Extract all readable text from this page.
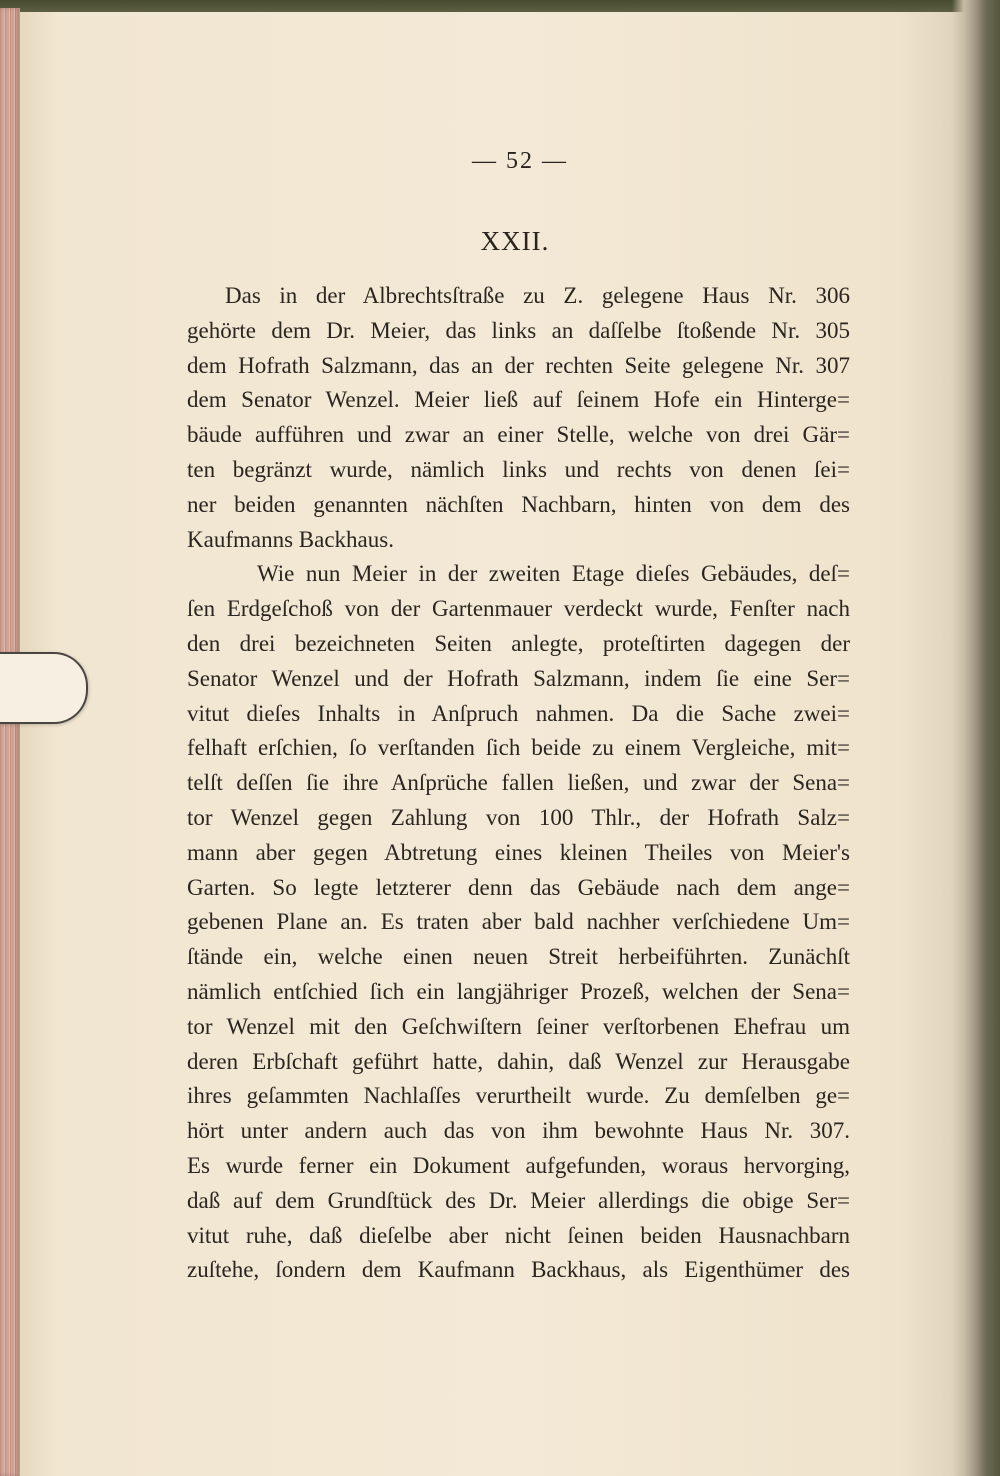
— 52 —
XXII.
Das in der Albrechtsſtraße zu Z. gelegene Haus Nr. 306
gehörte dem Dr. Meier, das links an daſſelbe ſtoßende Nr. 305
dem Hofrath Salzmann, das an der rechten Seite gelegene Nr. 307
dem Senator Wenzel. Meier ließ auf ſeinem Hofe ein Hinterge=
bäude aufführen und zwar an einer Stelle, welche von drei Gär=
ten begränzt wurde, nämlich links und rechts von denen ſei=
ner beiden genannten nächſten Nachbarn, hinten von dem des
Kaufmanns Backhaus.
Wie nun Meier in der zweiten Etage dieſes Gebäudes, deſ=
ſen Erdgeſchoß von der Gartenmauer verdeckt wurde, Fenſter nach
den drei bezeichneten Seiten anlegte, proteſtirten dagegen der
Senator Wenzel und der Hofrath Salzmann, indem ſie eine Ser=
vitut dieſes Inhalts in Anſpruch nahmen. Da die Sache zwei=
felhaft erſchien, ſo verſtanden ſich beide zu einem Vergleiche, mit=
telſt deſſen ſie ihre Anſprüche fallen ließen, und zwar der Sena=
tor Wenzel gegen Zahlung von 100 Thlr., der Hofrath Salz=
mann aber gegen Abtretung eines kleinen Theiles von Meier's
Garten. So legte letzterer denn das Gebäude nach dem ange=
gebenen Plane an. Es traten aber bald nachher verſchiedene Um=
ſtände ein, welche einen neuen Streit herbeiführten. Zunächſt
nämlich entſchied ſich ein langjähriger Prozeß, welchen der Sena=
tor Wenzel mit den Geſchwiſtern ſeiner verſtorbenen Ehefrau um
deren Erbſchaft geführt hatte, dahin, daß Wenzel zur Herausgabe
ihres geſammten Nachlaſſes verurtheilt wurde. Zu demſelben ge=
hört unter andern auch das von ihm bewohnte Haus Nr. 307.
Es wurde ferner ein Dokument aufgefunden, woraus hervorging,
daß auf dem Grundſtück des Dr. Meier allerdings die obige Ser=
vitut ruhe, daß dieſelbe aber nicht ſeinen beiden Hausnachbarn
zuſtehe, ſondern dem Kaufmann Backhaus, als Eigenthümer des
